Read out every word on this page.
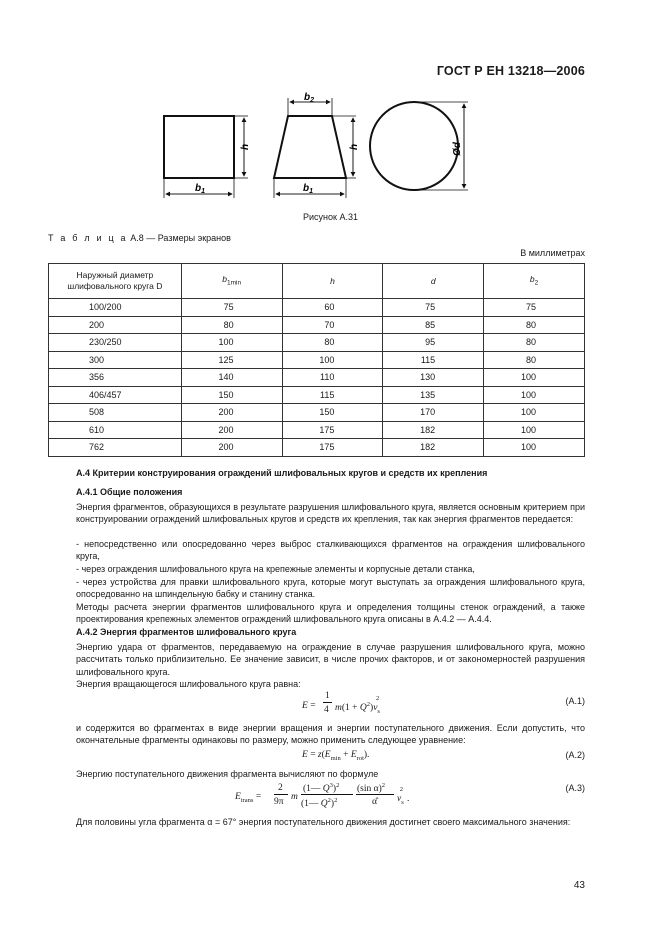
ГОСТ Р ЕН 13218—2006
h
$b_1$
$b_2$
h
$b_1$
Ød
Рисунок А.31
Т а б л и ц а А.8 — Размеры экранов
В миллиметрах
Наружный диаметр шлифовального круга D	$b_{1min}$	h	d	$b_2$
100/200	75	60	75	75
200	80	70	85	80
230/250	100	80	95	80
300	125	100	115	80
356	140	110	130	100
406/457	150	115	135	100
508	200	150	170	100
610	200	175	182	100
762	200	175	182	100
А.4 Критерии конструирования ограждений шлифовальных кругов и средств их крепления
А.4.1 Общие положения
Энергия фрагментов, образующихся в результате разрушения шлифовального круга, является основным критерием при конструировании ограждений шлифовальных кругов и средств их крепления, так как энергия фрагментов передается:
- непосредственно или опосредованно через выброс сталкивающихся фрагментов на ограждения шлифовального круга,
- через ограждения шлифовального круга на крепежные элементы и корпусные детали станка,
- через устройства для правки шлифовального круга, которые могут выступать за ограждения шлифовального круга, опосредованно на шпиндельную бабку и станину станка.
Методы расчета энергии фрагментов шлифовального круга и определения толщины стенок ограждений, а также проектирования крепежных элементов ограждений шлифовального круга описаны в А.4.2 — А.4.4.
А.4.2 Энергия фрагментов шлифовального круга
Энергию удара от фрагментов, передаваемую на ограждение в случае разрушения шлифовального круга, можно рассчитать только приблизительно. Ее значение зависит, в числе прочих факторов, и от закономерностей разрушения шлифовального круга.
Энергия вращающегося шлифовального круга равна:
E =
1
4 $m(1 + Q^2)v_s^2$	(А.1)
и содержится во фрагментах в виде энергии вращения и энергии поступательного движения. Если допустить, что окончательные фрагменты одинаковы по размеру, можно применить следующее уравнение:
$E = z(E_{min} + E_{rot})$.	(А.2)
Энергию поступательного движения фрагмента вычисляют по формуле
$E_{trans}$ =
2
9π m
(1— $Q^3)^2$
(1— $Q^2)^2$
(sin α)$^2$
α̂ $v_s^2$.
(А.3)
Для половины угла фрагмента α = 67° энергия поступательного движения достигнет своего максимального значения:
43
